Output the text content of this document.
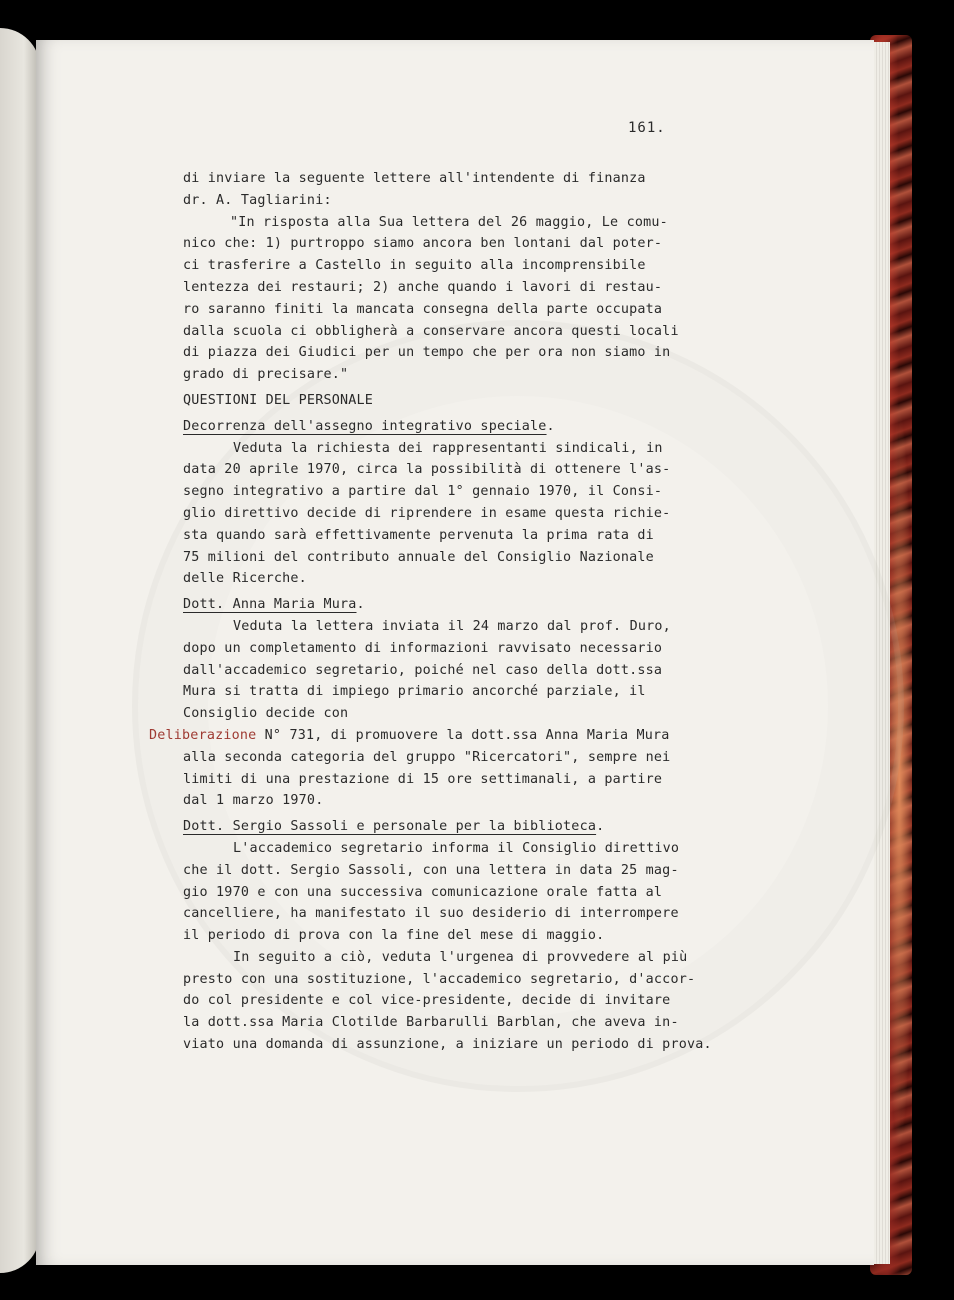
161.

di inviare la seguente lettere all'intendente di finanza

dr. A. Tagliarini:

"In risposta alla Sua lettera del 26 maggio, Le comu-

nico che: 1) purtroppo siamo ancora ben lontani dal poter-

ci trasferire a Castello in seguito alla incomprensibile

lentezza dei restauri; 2) anche quando i lavori di restau-

ro saranno finiti la mancata consegna della parte occupata

dalla scuola ci obbligherà a conservare ancora questi locali

di piazza dei Giudici per un tempo che per ora non siamo in

grado di precisare."

QUESTIONI DEL PERSONALE

Decorrenza dell'assegno integrativo speciale.

Veduta la richiesta dei rappresentanti sindicali, in

data 20 aprile 1970, circa la possibilità di ottenere l'as-

segno integrativo a partire dal 1° gennaio 1970, il Consi-

glio direttivo decide di riprendere in esame questa richie-

sta quando sarà effettivamente pervenuta la prima rata di

75 milioni del contributo annuale del Consiglio Nazionale

delle Ricerche.

Dott. Anna Maria Mura.

Veduta la lettera inviata il 24 marzo dal prof. Duro,

dopo un completamento di informazioni ravvisato necessario

dall'accademico segretario, poiché nel caso della dott.ssa

Mura si tratta di impiego primario ancorché parziale, il

Consiglio decide con

Deliberazione N° 731, di promuovere la dott.ssa Anna Maria Mura

alla seconda categoria del gruppo "Ricercatori", sempre nei

limiti di una prestazione di 15 ore settimanali, a partire

dal 1 marzo 1970.

Dott. Sergio Sassoli e personale per la biblioteca.

L'accademico segretario informa il Consiglio direttivo

che il dott. Sergio Sassoli, con una lettera in data 25 mag-

gio 1970 e con una successiva comunicazione orale fatta al

cancelliere, ha manifestato il suo desiderio di interrompere

il periodo di prova con la fine del mese di maggio.

In seguito a ciò, veduta l'urgenea di provvedere al più

presto con una sostituzione, l'accademico segretario, d'accor-

do col presidente e col vice-presidente, decide di invitare

la dott.ssa Maria Clotilde Barbarulli Barblan, che aveva in-

viato una domanda di assunzione, a iniziare un periodo di prova.
